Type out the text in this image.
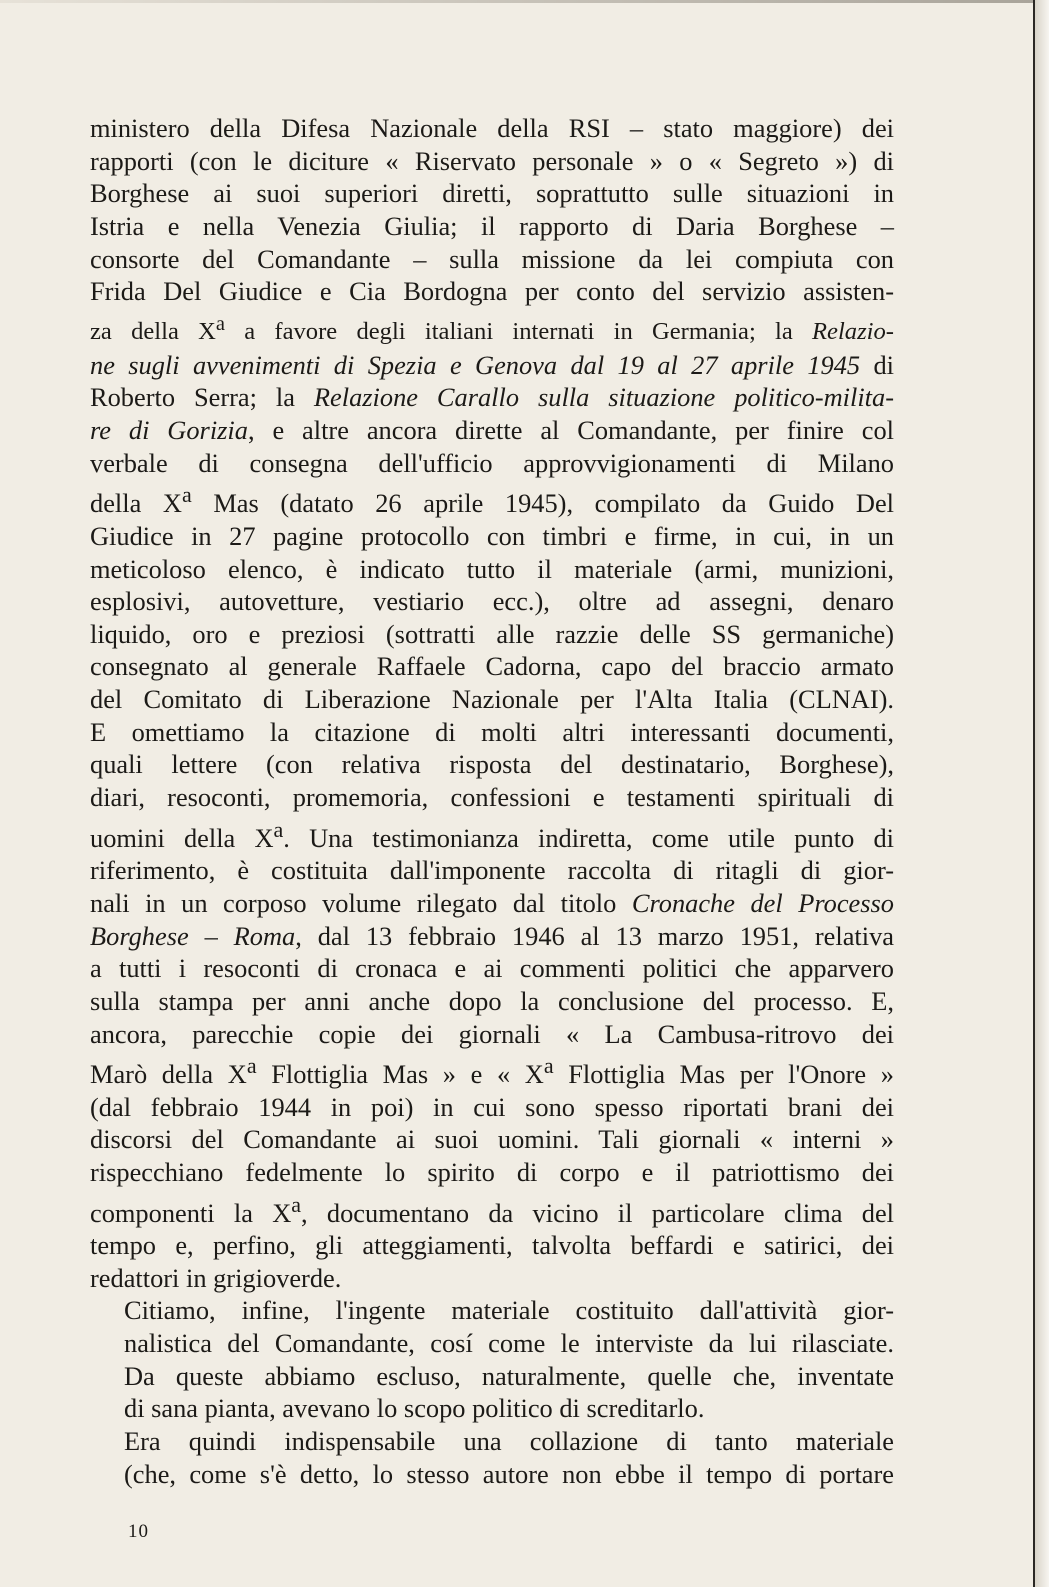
ministero della Difesa Nazionale della RSI – stato maggiore) dei
rapporti (con le diciture « Riservato personale » o « Segreto ») di
Borghese ai suoi superiori diretti, soprattutto sulle situazioni in
Istria e nella Venezia Giulia; il rapporto di Daria Borghese –
consorte del Comandante – sulla missione da lei compiuta con
Frida Del Giudice e Cia Bordogna per conto del servizio assisten-
za della $X^a$ a favore degli italiani internati in Germania; la Relazio-
ne sugli avvenimenti di Spezia e Genova dal 19 al 27 aprile 1945 di
Roberto Serra; la Relazione Carallo sulla situazione politico-milita-
re di Gorizia, e altre ancora dirette al Comandante, per finire col
verbale di consegna dell'ufficio approvvigionamenti di Milano
della $X^a$ Mas (datato 26 aprile 1945), compilato da Guido Del
Giudice in 27 pagine protocollo con timbri e firme, in cui, in un
meticoloso elenco, è indicato tutto il materiale (armi, munizioni,
esplosivi, autovetture, vestiario ecc.), oltre ad assegni, denaro
liquido, oro e preziosi (sottratti alle razzie delle SS germaniche)
consegnato al generale Raffaele Cadorna, capo del braccio armato
del Comitato di Liberazione Nazionale per l'Alta Italia (CLNAI).
E omettiamo la citazione di molti altri interessanti documenti,
quali lettere (con relativa risposta del destinatario, Borghese),
diari, resoconti, promemoria, confessioni e testamenti spirituali di
uomini della $X^a$. Una testimonianza indiretta, come utile punto di
riferimento, è costituita dall'imponente raccolta di ritagli di gior-
nali in un corposo volume rilegato dal titolo Cronache del Processo
Borghese – Roma, dal 13 febbraio 1946 al 13 marzo 1951, relativa
a tutti i resoconti di cronaca e ai commenti politici che apparvero
sulla stampa per anni anche dopo la conclusione del processo. E,
ancora, parecchie copie dei giornali « La Cambusa-ritrovo dei
Marò della $X^a$ Flottiglia Mas » e « $X^a$ Flottiglia Mas per l'Onore »
(dal febbraio 1944 in poi) in cui sono spesso riportati brani dei
discorsi del Comandante ai suoi uomini. Tali giornali « interni »
rispecchiano fedelmente lo spirito di corpo e il patriottismo dei
componenti la $X^a$, documentano da vicino il particolare clima del
tempo e, perfino, gli atteggiamenti, talvolta beffardi e satirici, dei
redattori in grigioverde.

Citiamo, infine, l'ingente materiale costituito dall'attività gior-
nalistica del Comandante, cosí come le interviste da lui rilasciate.
Da queste abbiamo escluso, naturalmente, quelle che, inventate
di sana pianta, avevano lo scopo politico di screditarlo.

Era quindi indispensabile una collazione di tanto materiale
(che, come s'è detto, lo stesso autore non ebbe il tempo di portare

10
